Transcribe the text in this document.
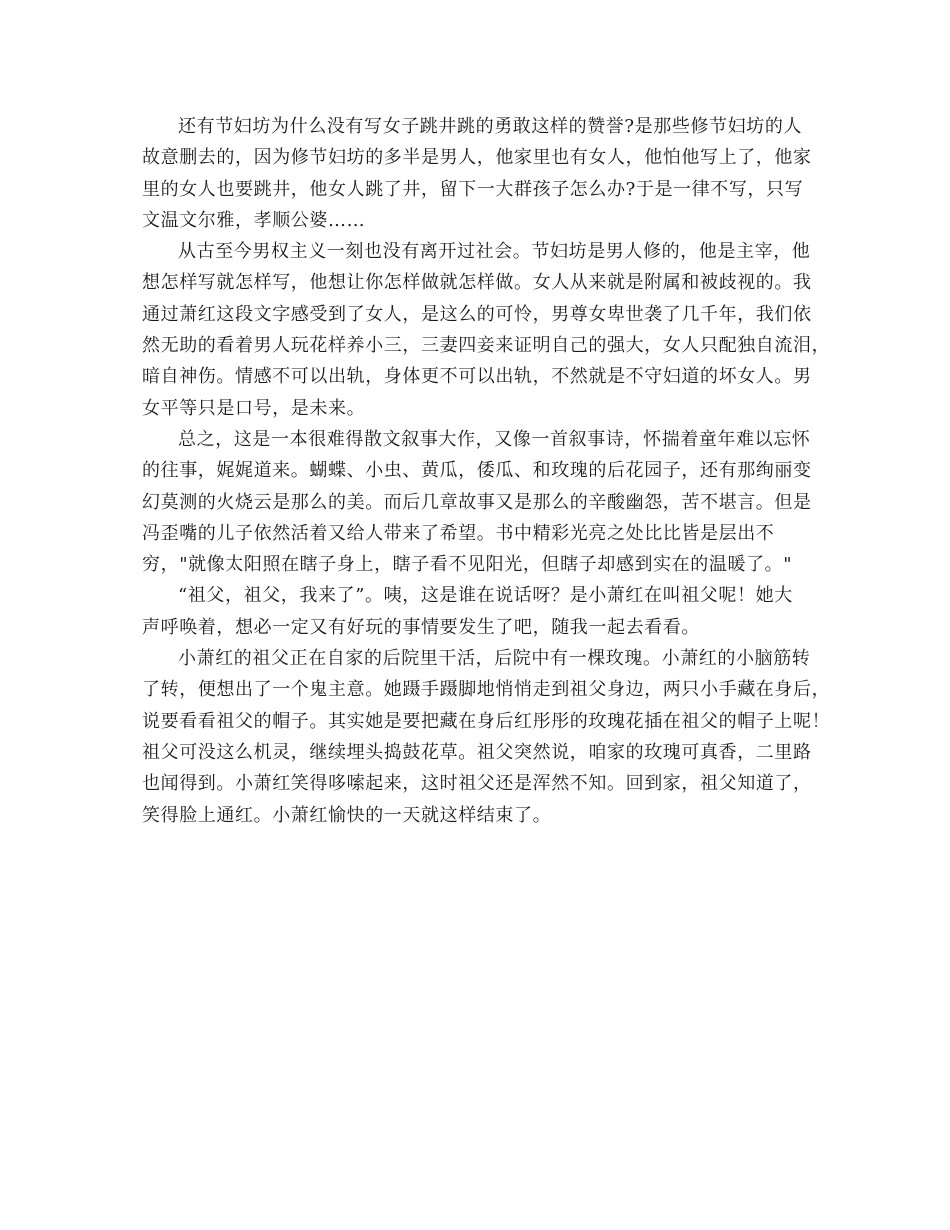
还有节妇坊为什么没有写女子跳井跳的勇敢这样的赞誉?是那些修节妇坊的人
故意删去的，因为修节妇坊的多半是男人，他家里也有女人，他怕他写上了，他家
里的女人也要跳井，他女人跳了井，留下一大群孩子怎么办?于是一律不写，只写
文温文尔雅，孝顺公婆……
从古至今男权主义一刻也没有离开过社会。节妇坊是男人修的，他是主宰，他
想怎样写就怎样写，他想让你怎样做就怎样做。女人从来就是附属和被歧视的。我
通过萧红这段文字感受到了女人，是这么的可怜，男尊女卑世袭了几千年，我们依
然无助的看着男人玩花样养小三，三妻四妾来证明自己的强大，女人只配独自流泪，
暗自神伤。情感不可以出轨，身体更不可以出轨，不然就是不守妇道的坏女人。男
女平等只是口号，是未来。
总之，这是一本很难得散文叙事大作，又像一首叙事诗，怀揣着童年难以忘怀
的往事，娓娓道来。蝴蝶、小虫、黄瓜，倭瓜、和玫瑰的后花园子，还有那绚丽变
幻莫测的火烧云是那么的美。而后几章故事又是那么的辛酸幽怨，苦不堪言。但是
冯歪嘴的儿子依然活着又给人带来了希望。书中精彩光亮之处比比皆是层出不
穷，"就像太阳照在瞎子身上，瞎子看不见阳光，但瞎子却感到实在的温暖了。"
“祖父，祖父，我来了”。咦，这是谁在说话呀？是小萧红在叫祖父呢！她大
声呼唤着，想必一定又有好玩的事情要发生了吧，随我一起去看看。
小萧红的祖父正在自家的后院里干活，后院中有一棵玫瑰。小萧红的小脑筋转
了转，便想出了一个鬼主意。她蹑手蹑脚地悄悄走到祖父身边，两只小手藏在身后，
说要看看祖父的帽子。其实她是要把藏在身后红彤彤的玫瑰花插在祖父的帽子上呢！
祖父可没这么机灵，继续埋头捣鼓花草。祖父突然说，咱家的玫瑰可真香，二里路
也闻得到。小萧红笑得哆嗦起来，这时祖父还是浑然不知。回到家，祖父知道了，
笑得脸上通红。小萧红愉快的一天就这样结束了。
